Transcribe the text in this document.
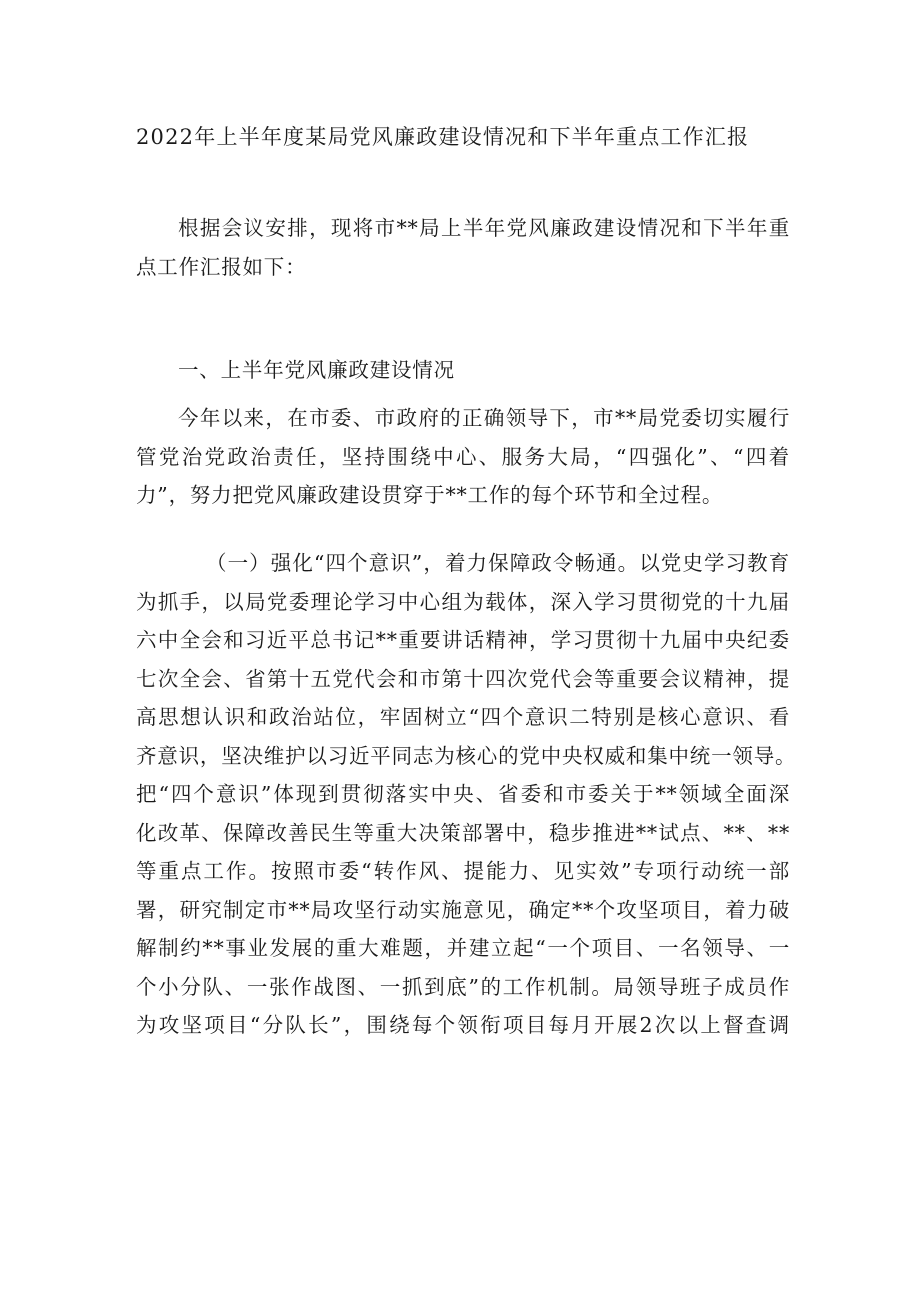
2022年上半年度某局党风廉政建设情况和下半年重点工作汇报
根据会议安排，现将市**局上半年党风廉政建设情况和下半年重
点工作汇报如下：
一、上半年党风廉政建设情况
今年以来，在市委、市政府的正确领导下，市**局党委切实履行
管党治党政治责任，坚持围绕中心、服务大局，“四强化”、“四着
力”，努力把党风廉政建设贯穿于**工作的每个环节和全过程。
（一）强化“四个意识”，着力保障政令畅通。以党史学习教育
为抓手，以局党委理论学习中心组为载体，深入学习贯彻党的十九届
六中全会和习近平总书记**重要讲话精神，学习贯彻十九届中央纪委
七次全会、省第十五党代会和市第十四次党代会等重要会议精神，提
高思想认识和政治站位，牢固树立“四个意识二特别是核心意识、看
齐意识，坚决维护以习近平同志为核心的党中央权威和集中统一领导。
把“四个意识”体现到贯彻落实中央、省委和市委关于**领域全面深
化改革、保障改善民生等重大决策部署中，稳步推进**试点、**、**
等重点工作。按照市委“转作风、提能力、见实效”专项行动统一部
署，研究制定市**局攻坚行动实施意见，确定**个攻坚项目，着力破
解制约**事业发展的重大难题，并建立起“一个项目、一名领导、一
个小分队、一张作战图、一抓到底”的工作机制。局领导班子成员作
为攻坚项目“分队长”，围绕每个领衔项目每月开展2次以上督查调
